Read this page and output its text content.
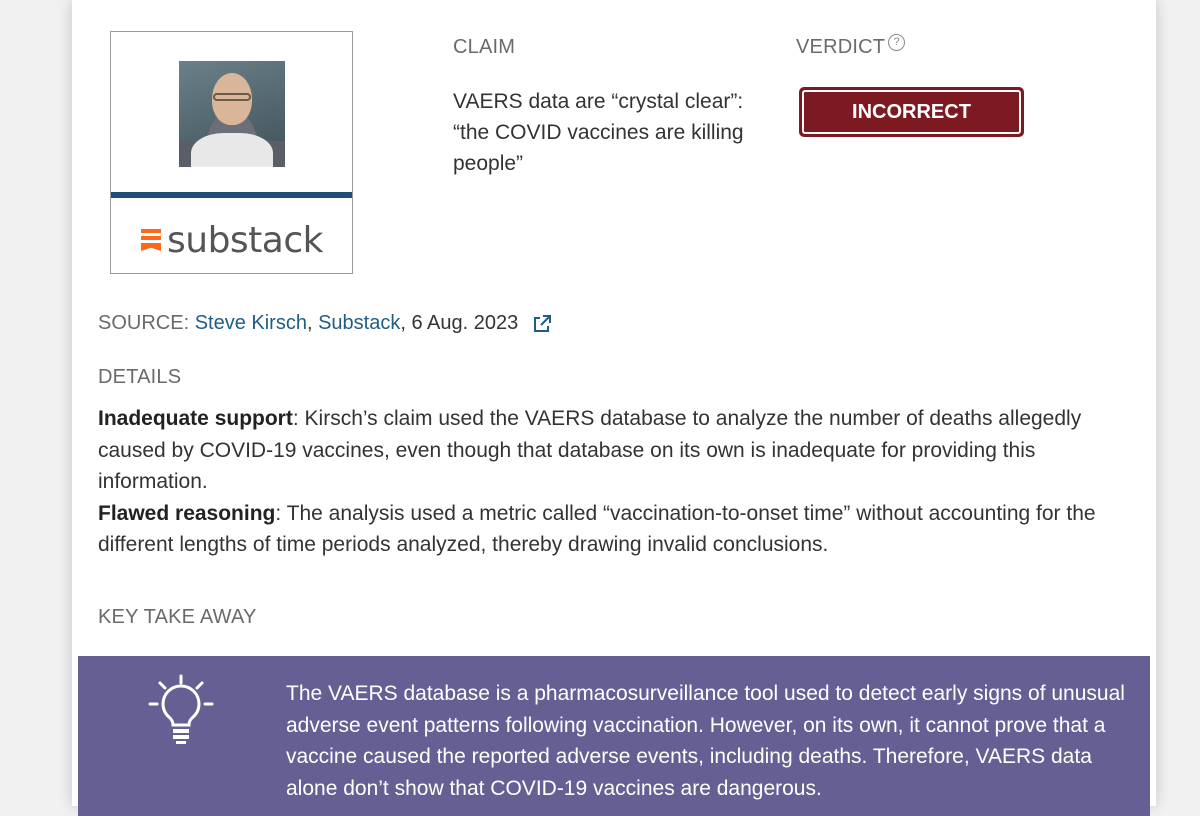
substack
CLAIM
VAERS data are “crystal clear”: “the COVID vaccines are killing people”
VERDICT ?
INCORRECT
SOURCE:
Steve Kirsch ,
Substack , 6 Aug. 2023
DETAILS
Inadequate support: Kirsch’s claim used the VAERS database to analyze the number of deaths allegedly caused by COVID-19 vaccines, even though that database on its own is inadequate for providing this information.
Flawed reasoning: The analysis used a metric called “vaccination-to-onset time” without accounting for the different lengths of time periods analyzed, thereby drawing invalid conclusions.
KEY TAKE AWAY
The VAERS database is a pharmacosurveillance tool used to detect early signs of unusual adverse event patterns following vaccination. However, on its own, it cannot prove that a vaccine caused the reported adverse events, including deaths. Therefore, VAERS data alone don’t show that COVID-19 vaccines are dangerous.
